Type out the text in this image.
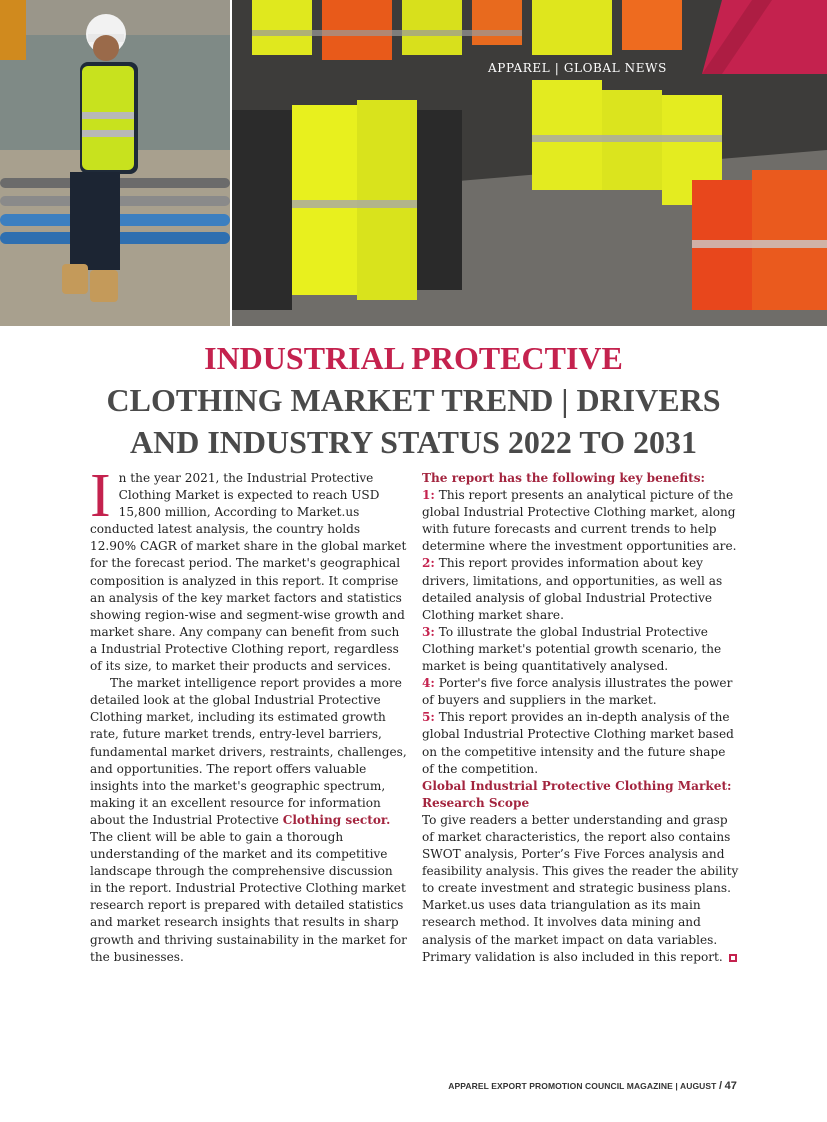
APPAREL | GLOBAL NEWS
INDUSTRIAL PROTECTIVE
CLOTHING MARKET TREND | DRIVERS
AND INDUSTRY STATUS 2022 TO 2031

In the year 2021, the Industrial Protective Clothing Market is expected to reach USD 15,800 million, According to Market.us conducted latest analysis, the country holds 12.90% CAGR of market share in the global market for the forecast period. The market's geographical composition is analyzed in this report. It comprise an analysis of the key market factors and statistics showing region-wise and segment-wise growth and market share. Any company can benefit from such a Industrial Protective Clothing report, regardless of its size, to market their products and services.

The market intelligence report provides a more detailed look at the global Industrial Protective Clothing market, including its estimated growth rate, future market trends, entry-level barriers, fundamental market drivers, restraints, challenges, and opportunities. The report offers valuable insights into the market's geographic spectrum, making it an excellent resource for information about the Industrial Protective Clothing sector.

The client will be able to gain a thorough understanding of the market and its competitive landscape through the comprehensive discussion in the report. Industrial Protective Clothing market research report is prepared with detailed statistics and market research insights that results in sharp growth and thriving sustainability in the market for the businesses.

The report has the following key benefits:

1: This report presents an analytical picture of the global Industrial Protective Clothing market, along with future forecasts and current trends to help determine where the investment opportunities are.

2: This report provides information about key drivers, limitations, and opportunities, as well as detailed analysis of global Industrial Protective Clothing market share.

3: To illustrate the global Industrial Protective Clothing market's potential growth scenario, the market is being quantitatively analysed.

4: Porter's five force analysis illustrates the power of buyers and suppliers in the market.

5: This report provides an in-depth analysis of the global Industrial Protective Clothing market based on the competitive intensity and the future shape of the competition.

Global Industrial Protective Clothing Market: Research Scope

To give readers a better understanding and grasp of market characteristics, the report also contains SWOT analysis, Porter’s Five Forces analysis and feasibility analysis. This gives the reader the ability to create investment and strategic business plans. Market.us uses data triangulation as its main research method. It involves data mining and analysis of the market impact on data variables. Primary validation is also included in this report.

APPAREL EXPORT PROMOTION COUNCIL MAGAZINE | AUGUST / 47
